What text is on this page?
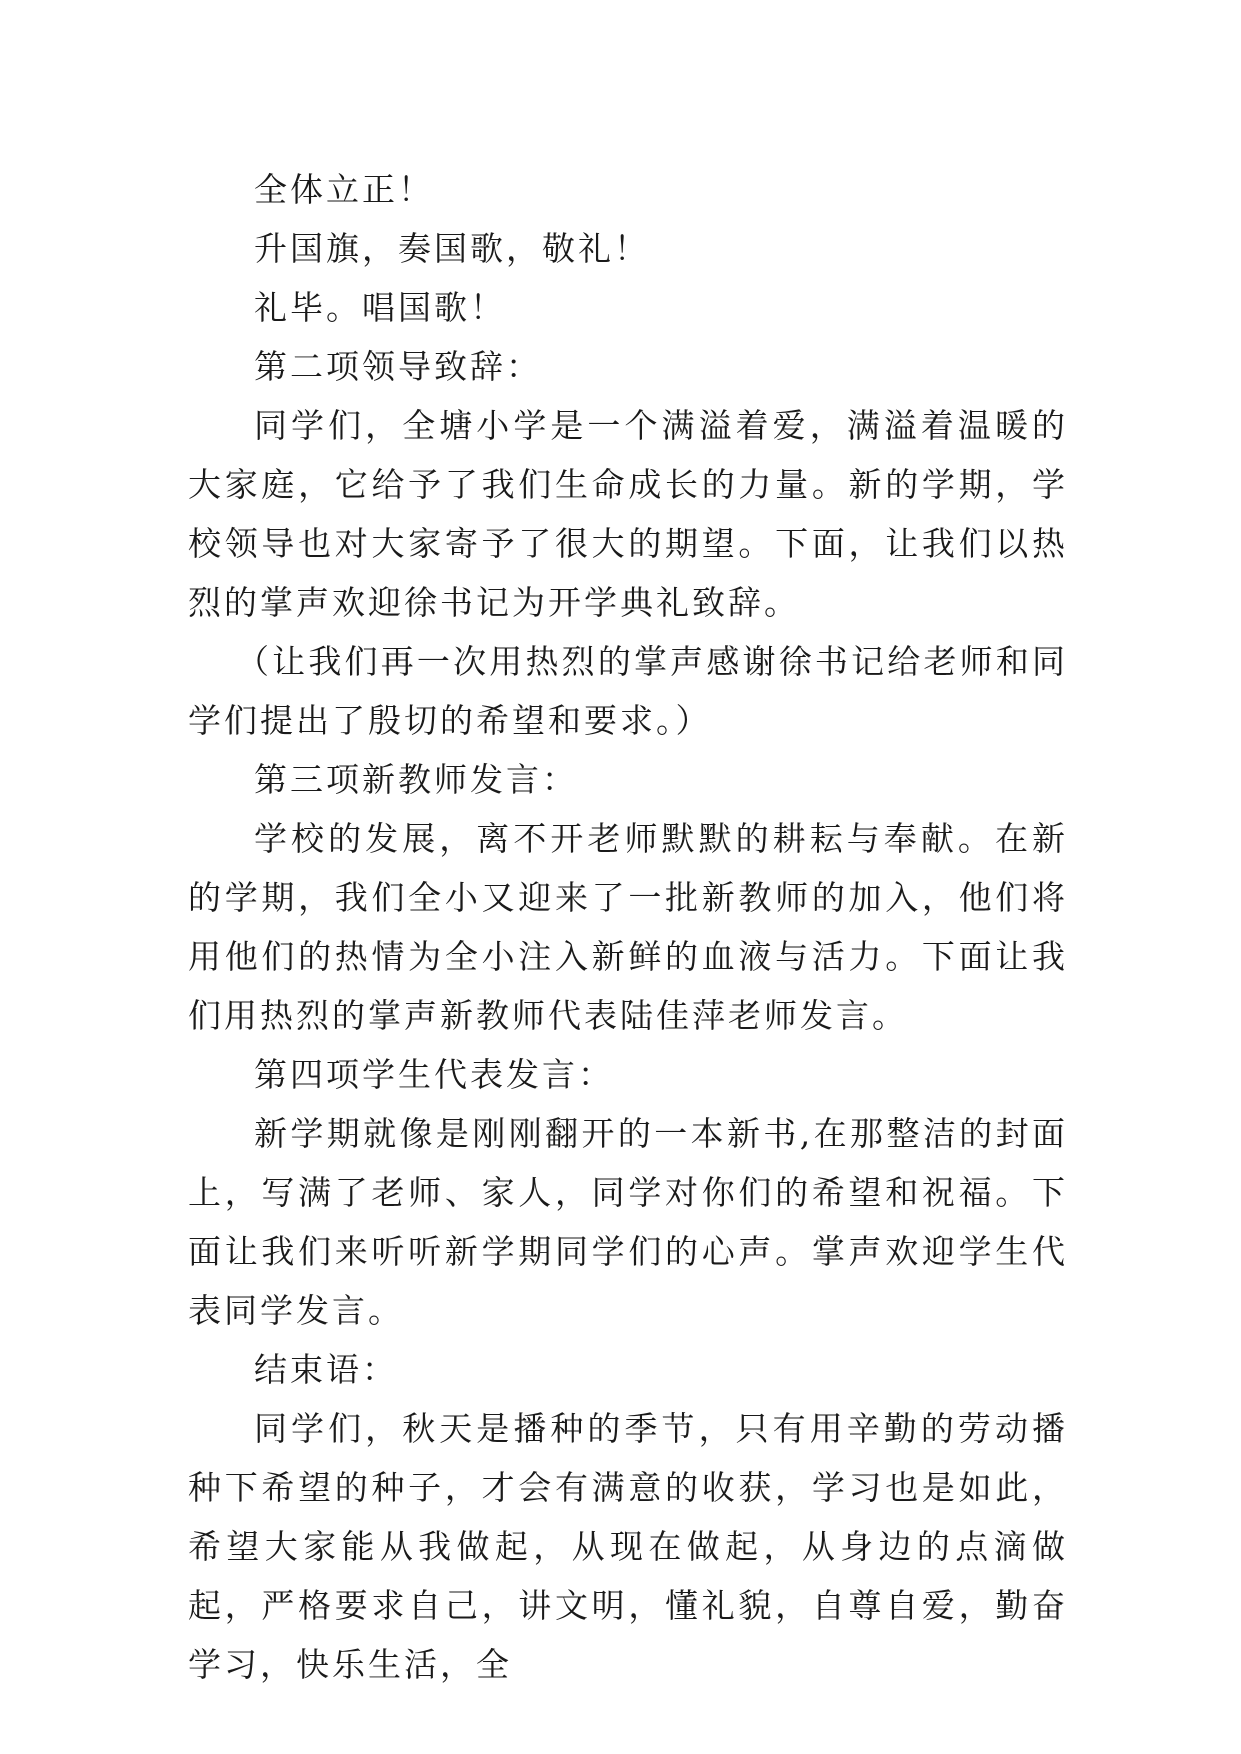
全体立正！

升国旗，奏国歌，敬礼！

礼毕。唱国歌！

第二项领导致辞：

同学们，全塘小学是一个满溢着爱，满溢着温暖的大家庭，它给予了我们生命成长的力量。新的学期，学校领导也对大家寄予了很大的期望。下面，让我们以热烈的掌声欢迎徐书记为开学典礼致辞。

（让我们再一次用热烈的掌声感谢徐书记给老师和同学们提出了殷切的希望和要求。）

第三项新教师发言：

学校的发展，离不开老师默默的耕耘与奉献。在新的学期，我们全小又迎来了一批新教师的加入，他们将用他们的热情为全小注入新鲜的血液与活力。下面让我们用热烈的掌声新教师代表陆佳萍老师发言。

第四项学生代表发言：

新学期就像是刚刚翻开的一本新书,在那整洁的封面上，写满了老师、家人，同学对你们的希望和祝福。下面让我们来听听新学期同学们的心声。掌声欢迎学生代表同学发言。

结束语：

同学们，秋天是播种的季节，只有用辛勤的劳动播种下希望的种子，才会有满意的收获，学习也是如此，希望大家能从我做起，从现在做起，从身边的点滴做起，严格要求自己，讲文明，懂礼貌，自尊自爱，勤奋学习，快乐生活，全
